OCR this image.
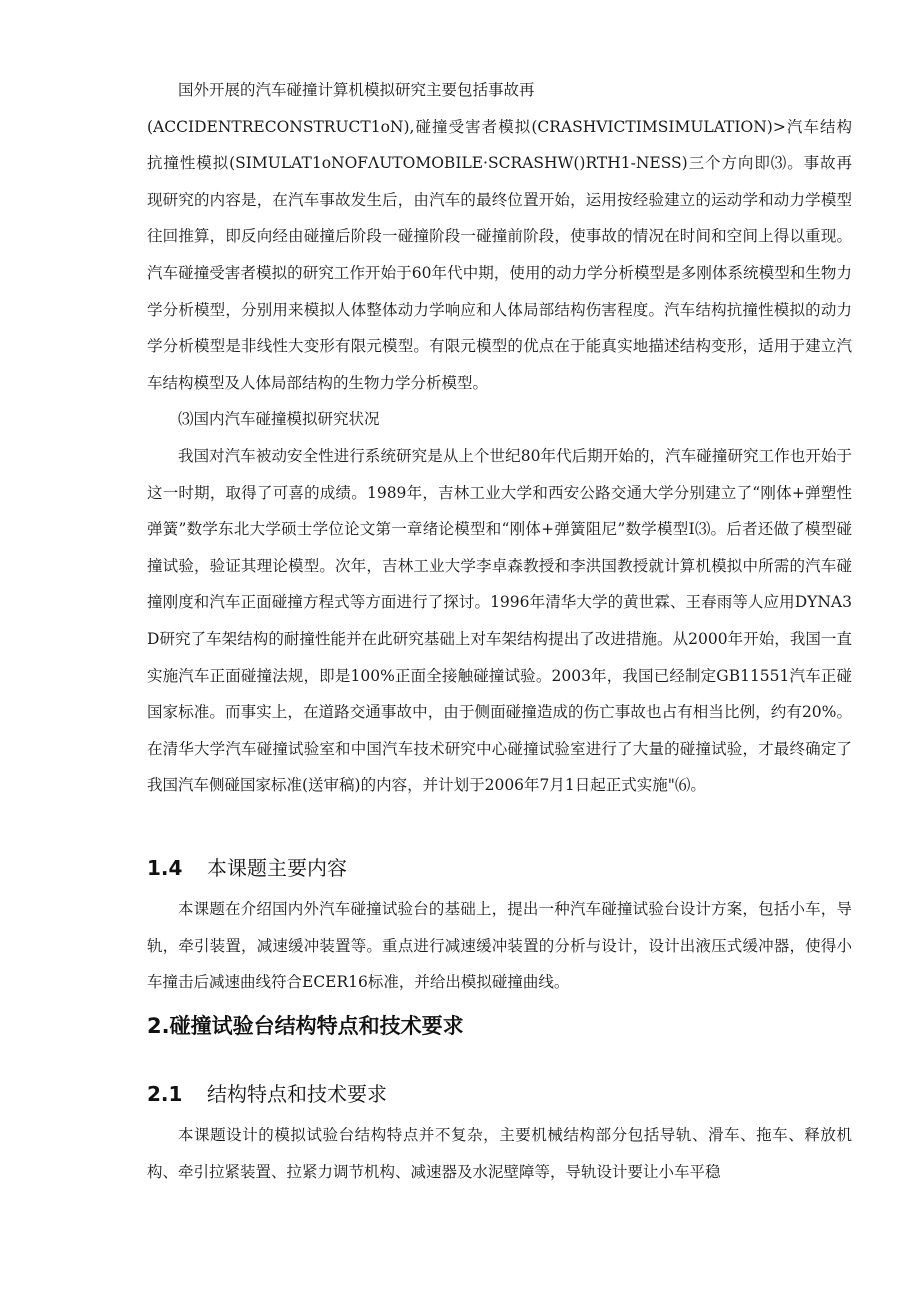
国外开展的汽车碰撞计算机模拟研究主要包括事故再

(ACCIDENTRECONSTRUCT1oN),碰撞受害者模拟(CRASHVICTIMSIMULATION)>汽车结构抗撞性模拟(SIMULAT1oNOFΛUTOMOBILE·SCRASHW()RTH1-NESS)三个方向即⑶。事故再现研究的内容是，在汽车事故发生后，由汽车的最终位置开始，运用按经验建立的运动学和动力学模型往回推算，即反向经由碰撞后阶段一碰撞阶段一碰撞前阶段，使事故的情况在时间和空间上得以重现。汽车碰撞受害者模拟的研究工作开始于60年代中期，使用的动力学分析模型是多刚体系统模型和生物力学分析模型，分别用来模拟人体整体动力学响应和人体局部结构伤害程度。汽车结构抗撞性模拟的动力学分析模型是非线性大变形有限元模型。有限元模型的优点在于能真实地描述结构变形，适用于建立汽车结构模型及人体局部结构的生物力学分析模型。

⑶国内汽车碰撞模拟研究状况

我国对汽车被动安全性进行系统研究是从上个世纪80年代后期开始的，汽车碰撞研究工作也开始于这一时期，取得了可喜的成绩。1989年，吉林工业大学和西安公路交通大学分别建立了“刚体+弹塑性弹簧”数学东北大学硕士学位论文第一章绪论模型和“刚体+弹簧阻尼”数学模型I⑶。后者还做了模型碰撞试验，验证其理论模型。次年，吉林工业大学李卓森教授和李洪国教授就计算机模拟中所需的汽车碰撞刚度和汽车正面碰撞方程式等方面进行了探讨。1996年清华大学的黄世霖、王春雨等人应用DYNA3D研究了车架结构的耐撞性能并在此研究基础上对车架结构提出了改进措施。从2000年开始，我国一直实施汽车正面碰撞法规，即是100%正面全接触碰撞试验。2003年，我国已经制定GB11551汽车正碰国家标准。而事实上，在道路交通事故中，由于侧面碰撞造成的伤亡事故也占有相当比例，约有20%。在清华大学汽车碰撞试验室和中国汽车技术研究中心碰撞试验室进行了大量的碰撞试验，才最终确定了我国汽车侧碰国家标准(送审稿)的内容，并计划于2006年7月1日起正式实施"⑹。

1.4 本课题主要内容

本课题在介绍国内外汽车碰撞试验台的基础上，提出一种汽车碰撞试验台设计方案，包括小车，导轨，牵引装置，减速缓冲装置等。重点进行减速缓冲装置的分析与设计，设计出液压式缓冲器，使得小车撞击后减速曲线符合ECER16标准，并给出模拟碰撞曲线。

2.碰撞试验台结构特点和技术要求
2.1 结构特点和技术要求

本课题设计的模拟试验台结构特点并不复杂，主要机械结构部分包括导轨、滑车、拖车、释放机构、牵引拉紧装置、拉紧力调节机构、减速器及水泥壁障等，导轨设计要让小车平稳
